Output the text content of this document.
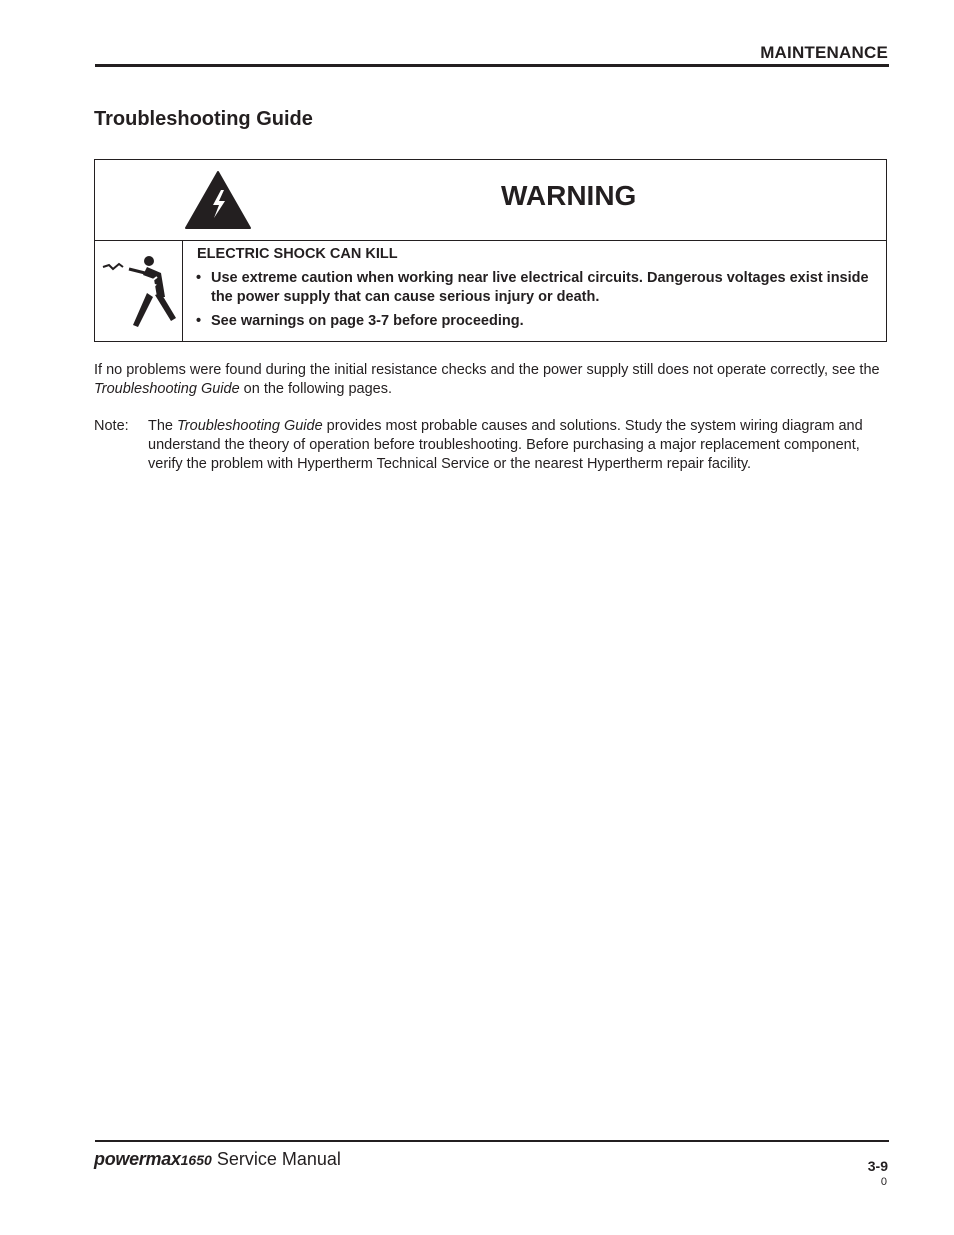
MAINTENANCE
Troubleshooting Guide
WARNING
ELECTRIC SHOCK CAN KILL
• Use extreme caution when working near live electrical circuits. Dangerous voltages exist inside the power supply that can cause serious injury or death.
• See warnings on page 3-7 before proceeding.
If no problems were found during the initial resistance checks and the power supply still does not operate correctly, see the Troubleshooting Guide on the following pages.
Note: The Troubleshooting Guide provides most probable causes and solutions. Study the system wiring diagram and understand the theory of operation before troubleshooting. Before purchasing a major replacement component, verify the problem with Hypertherm Technical Service or the nearest Hypertherm repair facility.
powermax1650 Service Manual	3-9
0
